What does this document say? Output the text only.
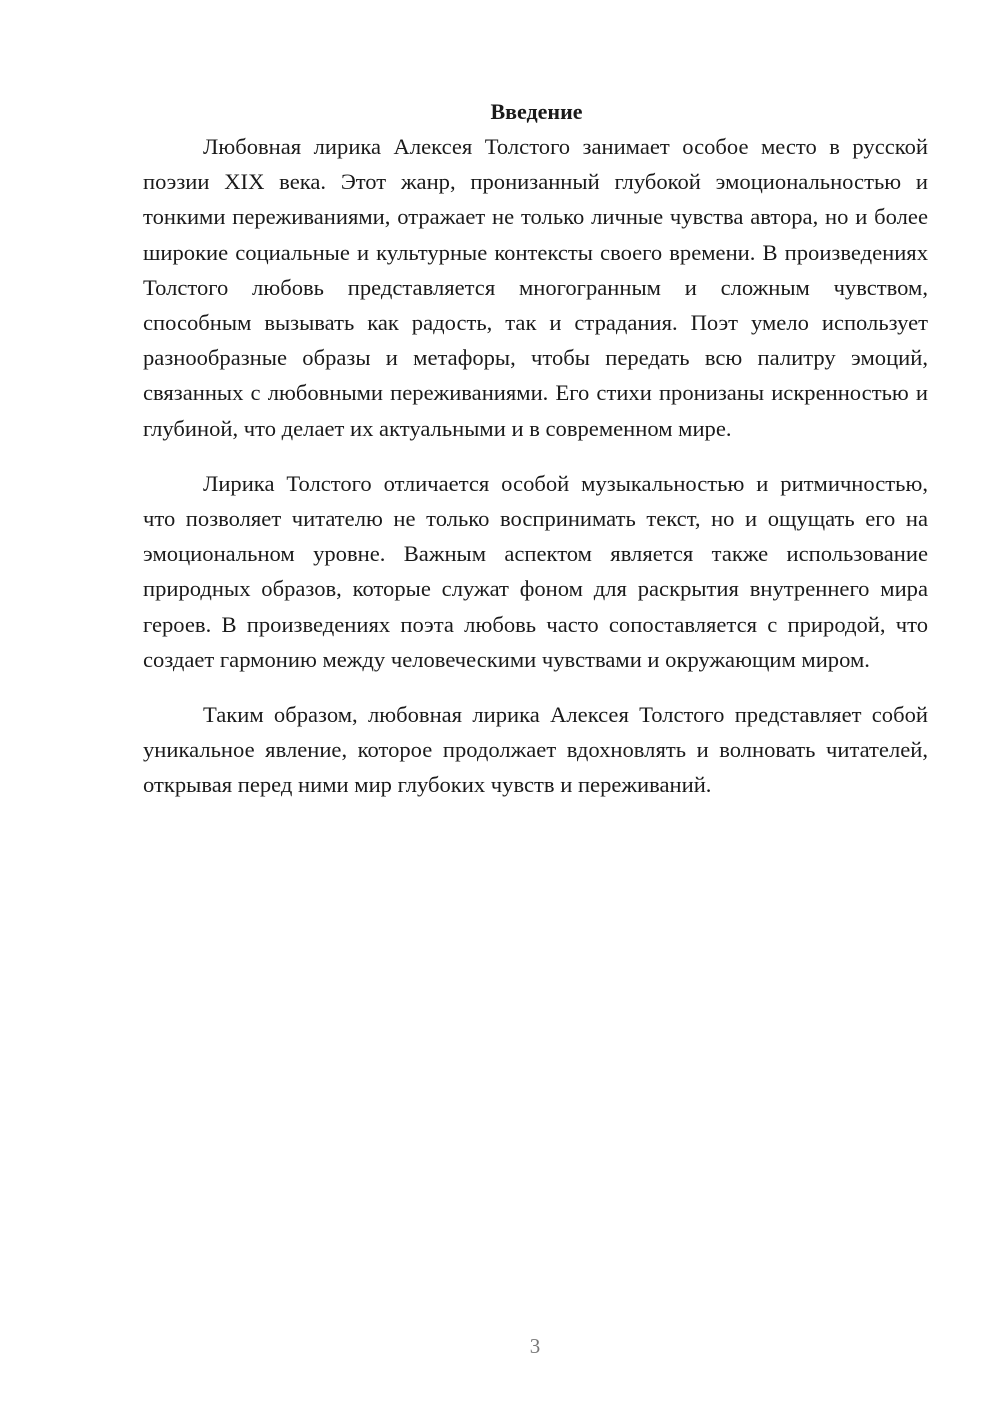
Введение

Любовная лирика Алексея Толстого занимает особое место в русской поэзии XIX века. Этот жанр, пронизанный глубокой эмоциональностью и тонкими переживаниями, отражает не только личные чувства автора, но и более широкие социальные и культурные контексты своего времени. В произведениях Толстого любовь представляется многогранным и сложным чувством, способным вызывать как радость, так и страдания. Поэт умело использует разнообразные образы и метафоры, чтобы передать всю палитру эмоций, связанных с любовными переживаниями. Его стихи пронизаны искренностью и глубиной, что делает их актуальными и в современном мире.

Лирика Толстого отличается особой музыкальностью и ритмичностью, что позволяет читателю не только воспринимать текст, но и ощущать его на эмоциональном уровне. Важным аспектом является также использование природных образов, которые служат фоном для раскрытия внутреннего мира героев. В произведениях поэта любовь часто сопоставляется с природой, что создает гармонию между человеческими чувствами и окружающим миром.

Таким образом, любовная лирика Алексея Толстого представляет собой уникальное явление, которое продолжает вдохновлять и волновать читателей, открывая перед ними мир глубоких чувств и переживаний.

3
